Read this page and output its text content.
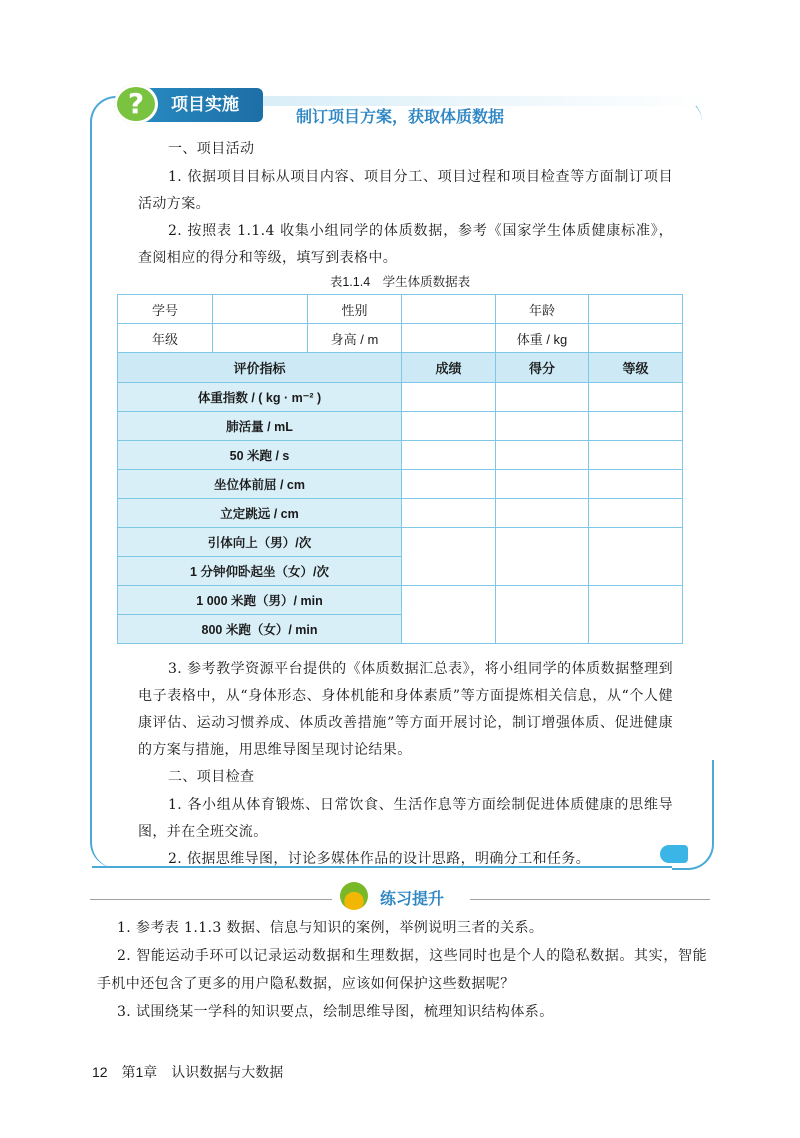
项目实施
?	制订项目方案，获取体质数据
一、项目活动
1. 依据项目目标从项目内容、项目分工、项目过程和项目检查等方面制订项目活动方案。
2. 按照表 1.1.4 收集小组同学的体质数据，参考《国家学生体质健康标准》，查阅相应的得分和等级，填写到表格中。
表1.1.4　学生体质数据表
学号		性别		年龄	
年级		身高 / m		体重 / kg	
评价指标			成绩	得分	等级
体重指数 / ( kg · m⁻² )					
肺活量 / mL					
50 米跑 / s					
坐位体前屈 / cm					
立定跳远 / cm					
引体向上（男）/次					
1 分钟仰卧起坐（女）/次					
1 000 米跑（男）/ min					
800 米跑（女）/ min					
3. 参考教学资源平台提供的《体质数据汇总表》，将小组同学的体质数据整理到电子表格中，从“身体形态、身体机能和身体素质”等方面提炼相关信息，从“个人健康评估、运动习惯养成、体质改善措施”等方面开展讨论，制订增强体质、促进健康的方案与措施，用思维导图呈现讨论结果。
二、项目检查
1. 各小组从体育锻炼、日常饮食、生活作息等方面绘制促进体质健康的思维导图，并在全班交流。
2. 依据思维导图，讨论多媒体作品的设计思路，明确分工和任务。
练习提升
1. 参考表 1.1.3 数据、信息与知识的案例，举例说明三者的关系。
2. 智能运动手环可以记录运动数据和生理数据，这些同时也是个人的隐私数据。其实，智能手机中还包含了更多的用户隐私数据，应该如何保护这些数据呢？
3. 试围绕某一学科的知识要点，绘制思维导图，梳理知识结构体系。
12 第1章　认识数据与大数据
